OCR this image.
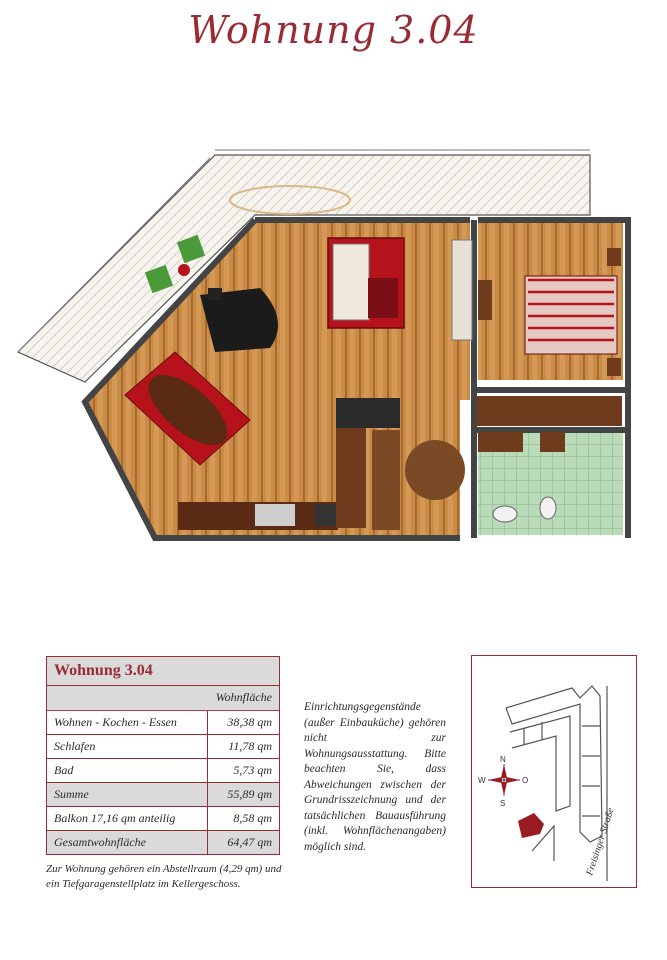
Wohnung 3.04
Wohnung 3.04
Wohnfläche
Wohnen - Kochen - Essen	38,38 qm
Schlafen	11,78 qm
Bad	5,73 qm
Summe	55,89 qm
Balkon 17,16 qm anteilig	8,58 qm
Gesamtwohnfläche	64,47 qm
Zur Wohnung gehören ein Abstellraum (4,29 qm) und ein Tiefgaragenstellplatz im Kellergeschoss.
Einrichtungsgegenstände (außer Einbauküche) gehören nicht zur Wohnungsausstattung. Bitte beachten Sie, dass Abweichungen zwischen der Grundrisszeichnung und der tatsächlichen Bauausführung (inkl. Wohnflächenangaben) möglich sind.
N
S
W	O
Freisinger Straße
